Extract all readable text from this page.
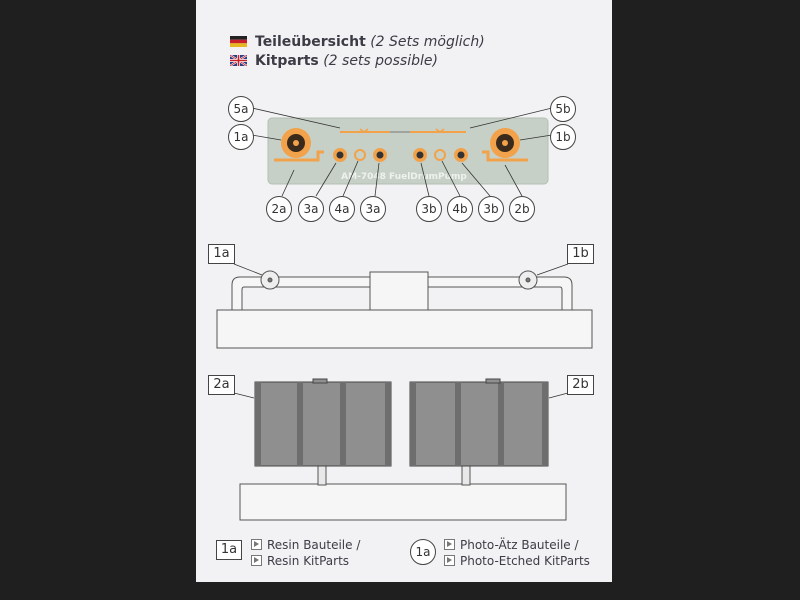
Teileübersicht (2 Sets möglich)
Kitparts (2 sets possible)
AM-7048 FuelDrumPump
5a	5b
1a	1b
2a	3a	4a	3a	3b	4b	3b	2b
1a	1b
2a	2b
1a	Resin Bauteile /
Resin KitParts
1a	Photo-Ätz Bauteile /
Photo-Etched KitParts
